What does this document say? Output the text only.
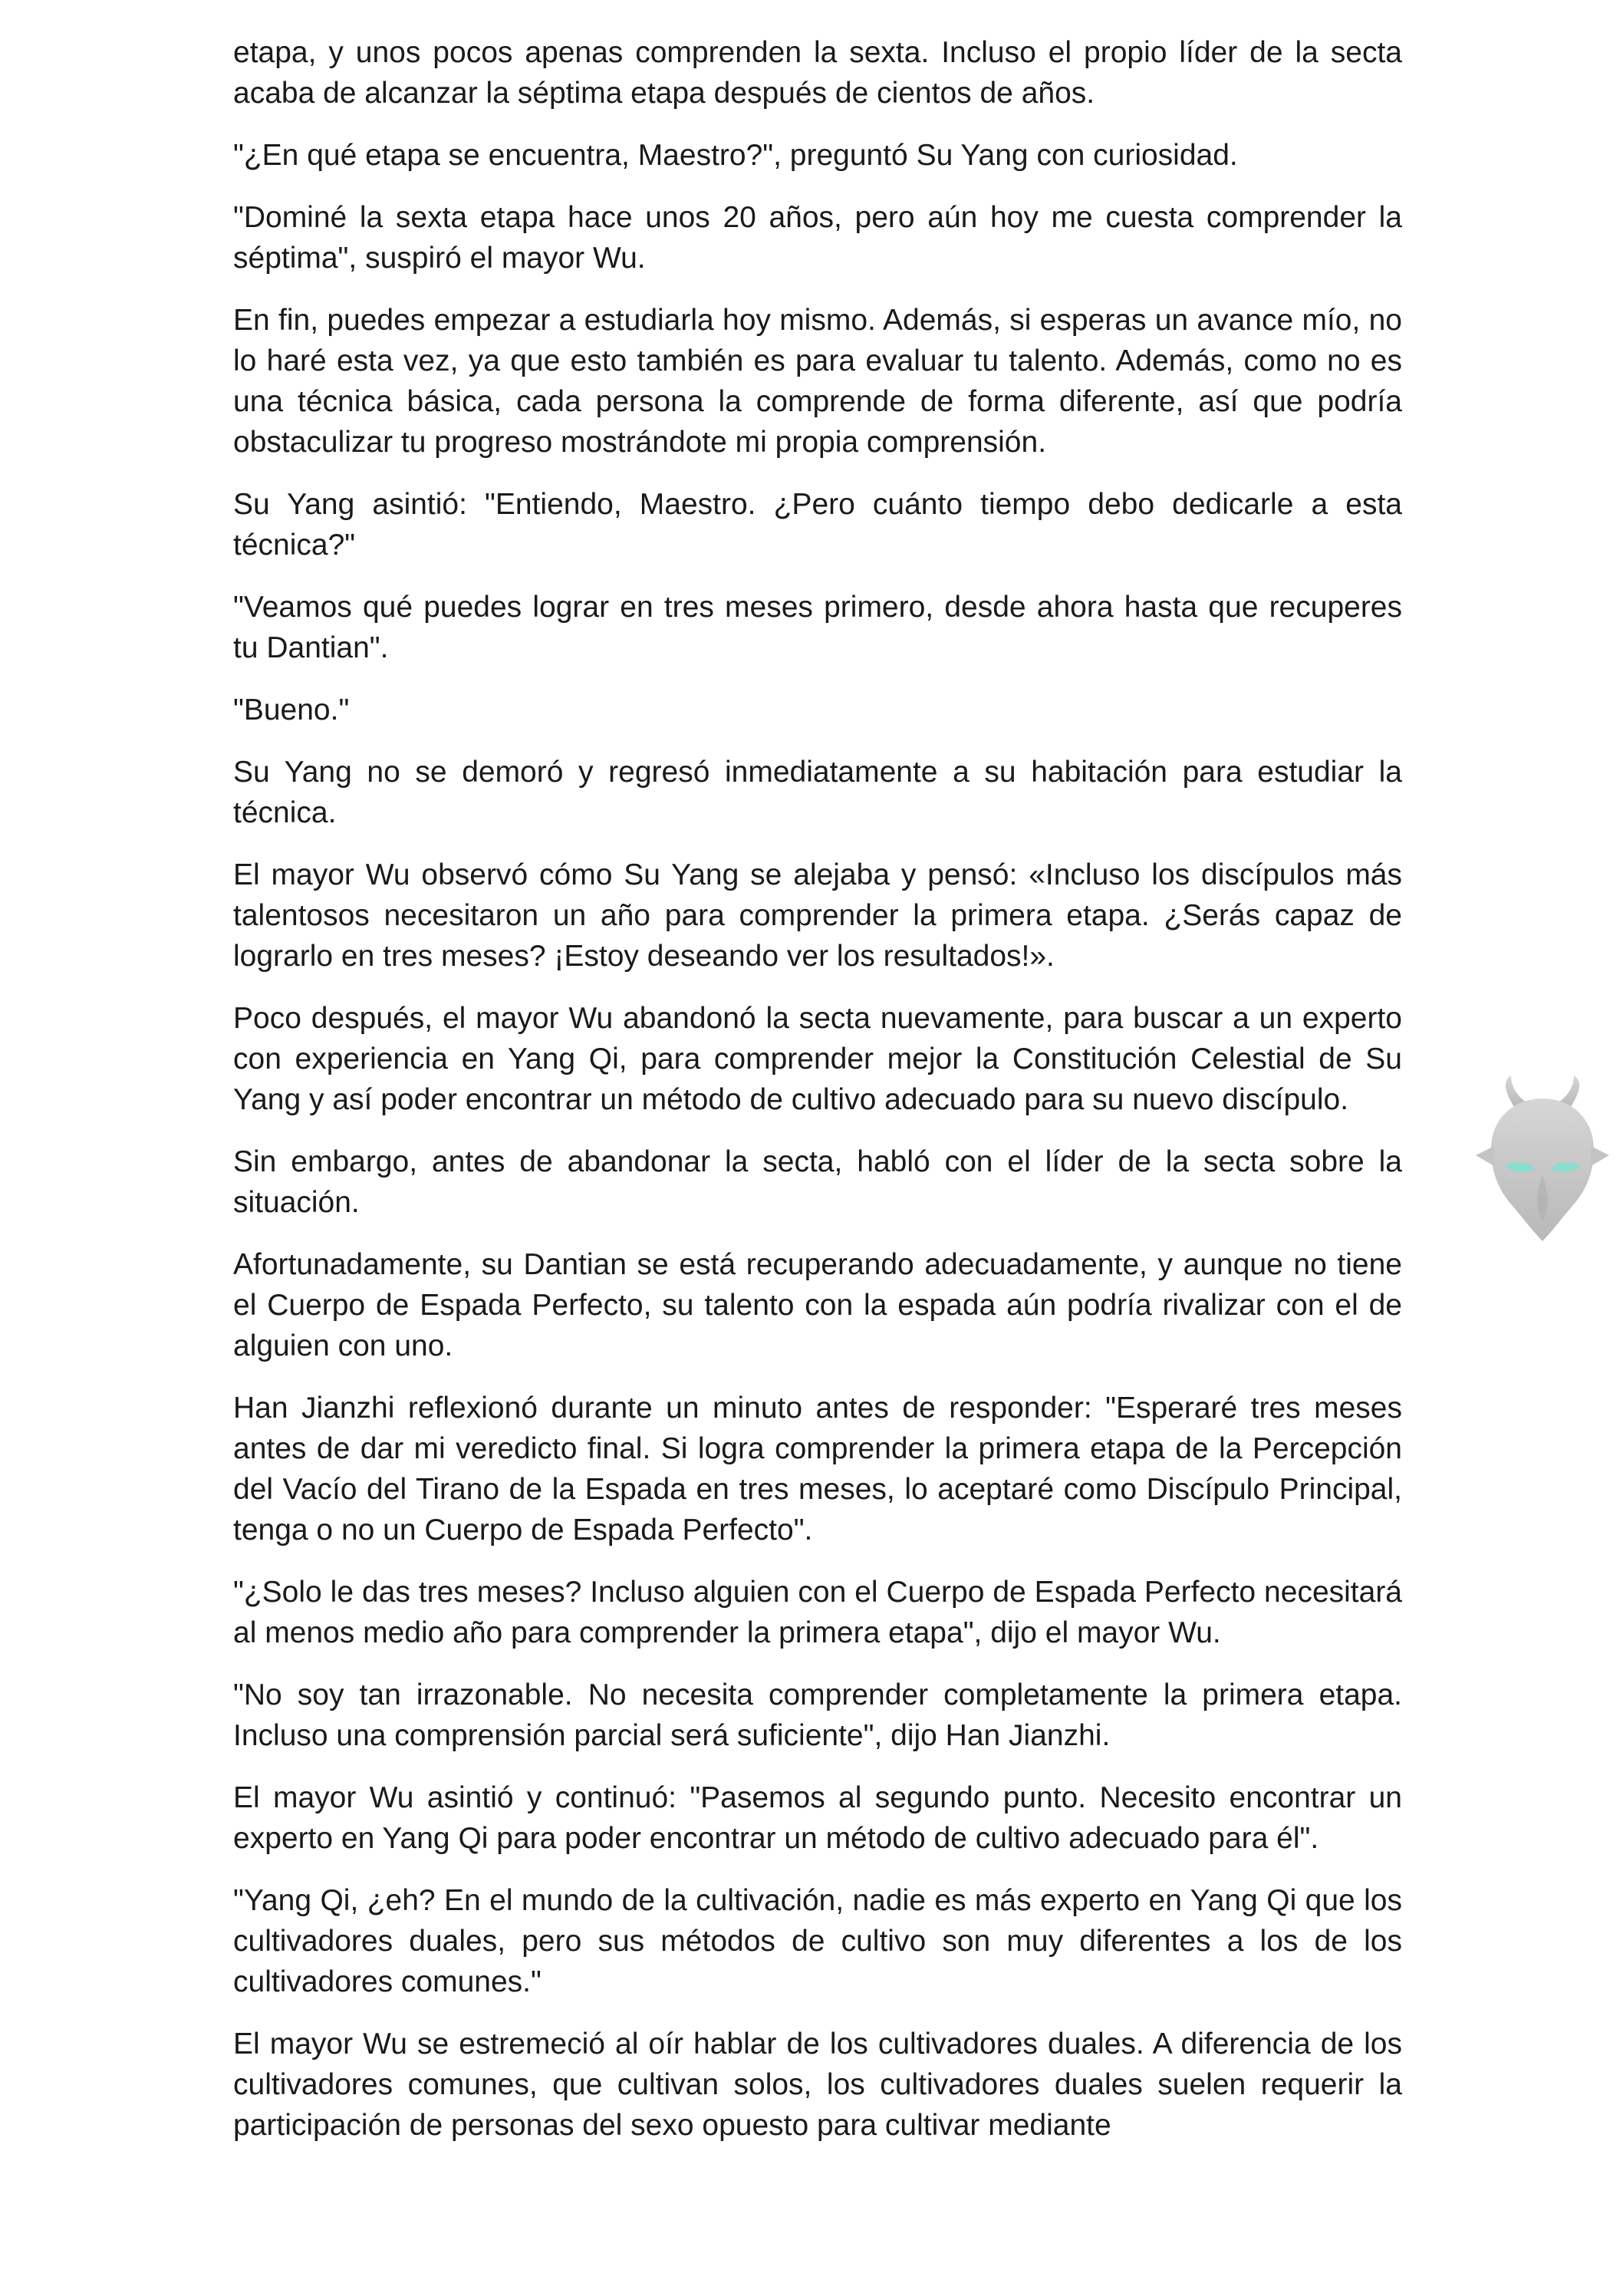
etapa, y unos pocos apenas comprenden la sexta. Incluso el propio líder de la secta acaba de alcanzar la séptima etapa después de cientos de años.

"¿En qué etapa se encuentra, Maestro?", preguntó Su Yang con curiosidad.

"Dominé la sexta etapa hace unos 20 años, pero aún hoy me cuesta comprender la séptima", suspiró el mayor Wu.

En fin, puedes empezar a estudiarla hoy mismo. Además, si esperas un avance mío, no lo haré esta vez, ya que esto también es para evaluar tu talento. Además, como no es una técnica básica, cada persona la comprende de forma diferente, así que podría obstaculizar tu progreso mostrándote mi propia comprensión.

Su Yang asintió: "Entiendo, Maestro. ¿Pero cuánto tiempo debo dedicarle a esta técnica?"

"Veamos qué puedes lograr en tres meses primero, desde ahora hasta que recuperes tu Dantian".

"Bueno."

Su Yang no se demoró y regresó inmediatamente a su habitación para estudiar la técnica.

El mayor Wu observó cómo Su Yang se alejaba y pensó: «Incluso los discípulos más talentosos necesitaron un año para comprender la primera etapa. ¿Serás capaz de lograrlo en tres meses? ¡Estoy deseando ver los resultados!».

Poco después, el mayor Wu abandonó la secta nuevamente, para buscar a un experto con experiencia en Yang Qi, para comprender mejor la Constitución Celestial de Su Yang y así poder encontrar un método de cultivo adecuado para su nuevo discípulo.

Sin embargo, antes de abandonar la secta, habló con el líder de la secta sobre la situación.

Afortunadamente, su Dantian se está recuperando adecuadamente, y aunque no tiene el Cuerpo de Espada Perfecto, su talento con la espada aún podría rivalizar con el de alguien con uno.

Han Jianzhi reflexionó durante un minuto antes de responder: "Esperaré tres meses antes de dar mi veredicto final. Si logra comprender la primera etapa de la Percepción del Vacío del Tirano de la Espada en tres meses, lo aceptaré como Discípulo Principal, tenga o no un Cuerpo de Espada Perfecto".

"¿Solo le das tres meses? Incluso alguien con el Cuerpo de Espada Perfecto necesitará al menos medio año para comprender la primera etapa", dijo el mayor Wu.

"No soy tan irrazonable. No necesita comprender completamente la primera etapa. Incluso una comprensión parcial será suficiente", dijo Han Jianzhi.

El mayor Wu asintió y continuó: "Pasemos al segundo punto. Necesito encontrar un experto en Yang Qi para poder encontrar un método de cultivo adecuado para él".

"Yang Qi, ¿eh? En el mundo de la cultivación, nadie es más experto en Yang Qi que los cultivadores duales, pero sus métodos de cultivo son muy diferentes a los de los cultivadores comunes."

El mayor Wu se estremeció al oír hablar de los cultivadores duales. A diferencia de los cultivadores comunes, que cultivan solos, los cultivadores duales suelen requerir la participación de personas del sexo opuesto para cultivar mediante
